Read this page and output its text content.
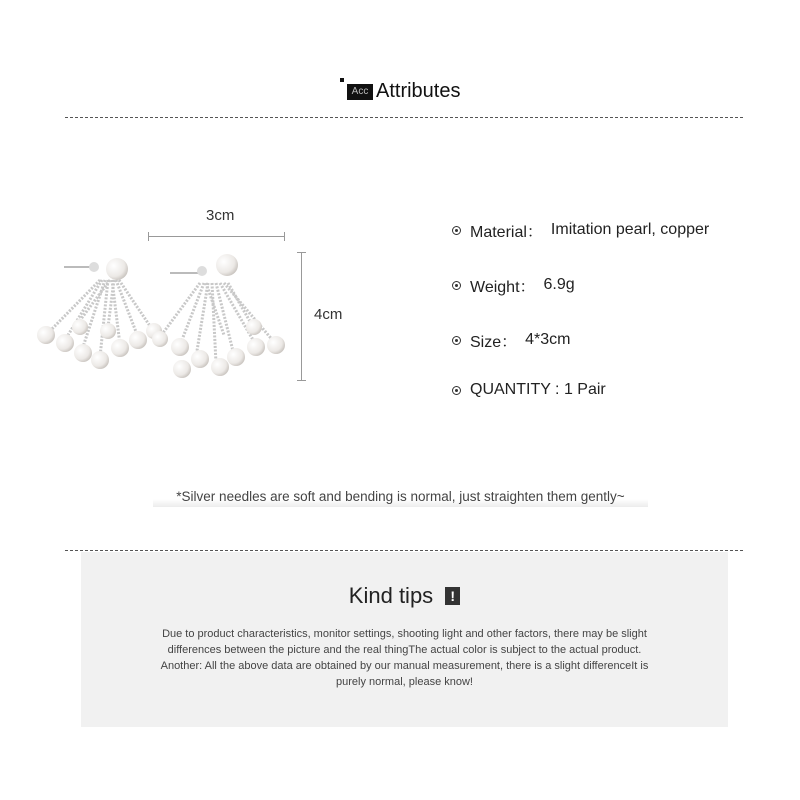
Acc Attributes
3cm
4cm
Material： Imitation pearl, copper
Weight： 6.9g
Size： 4*3cm
QUANTITY : 1 Pair
*Silver needles are soft and bending is normal, just straighten them gently~
Kind tips !
Due to product characteristics, monitor settings, shooting light and other factors, there may be slight
differences between the picture and the real thingThe actual color is subject to the actual product.
Another: All the above data are obtained by our manual measurement, there is a slight differenceIt is
purely normal, please know!
